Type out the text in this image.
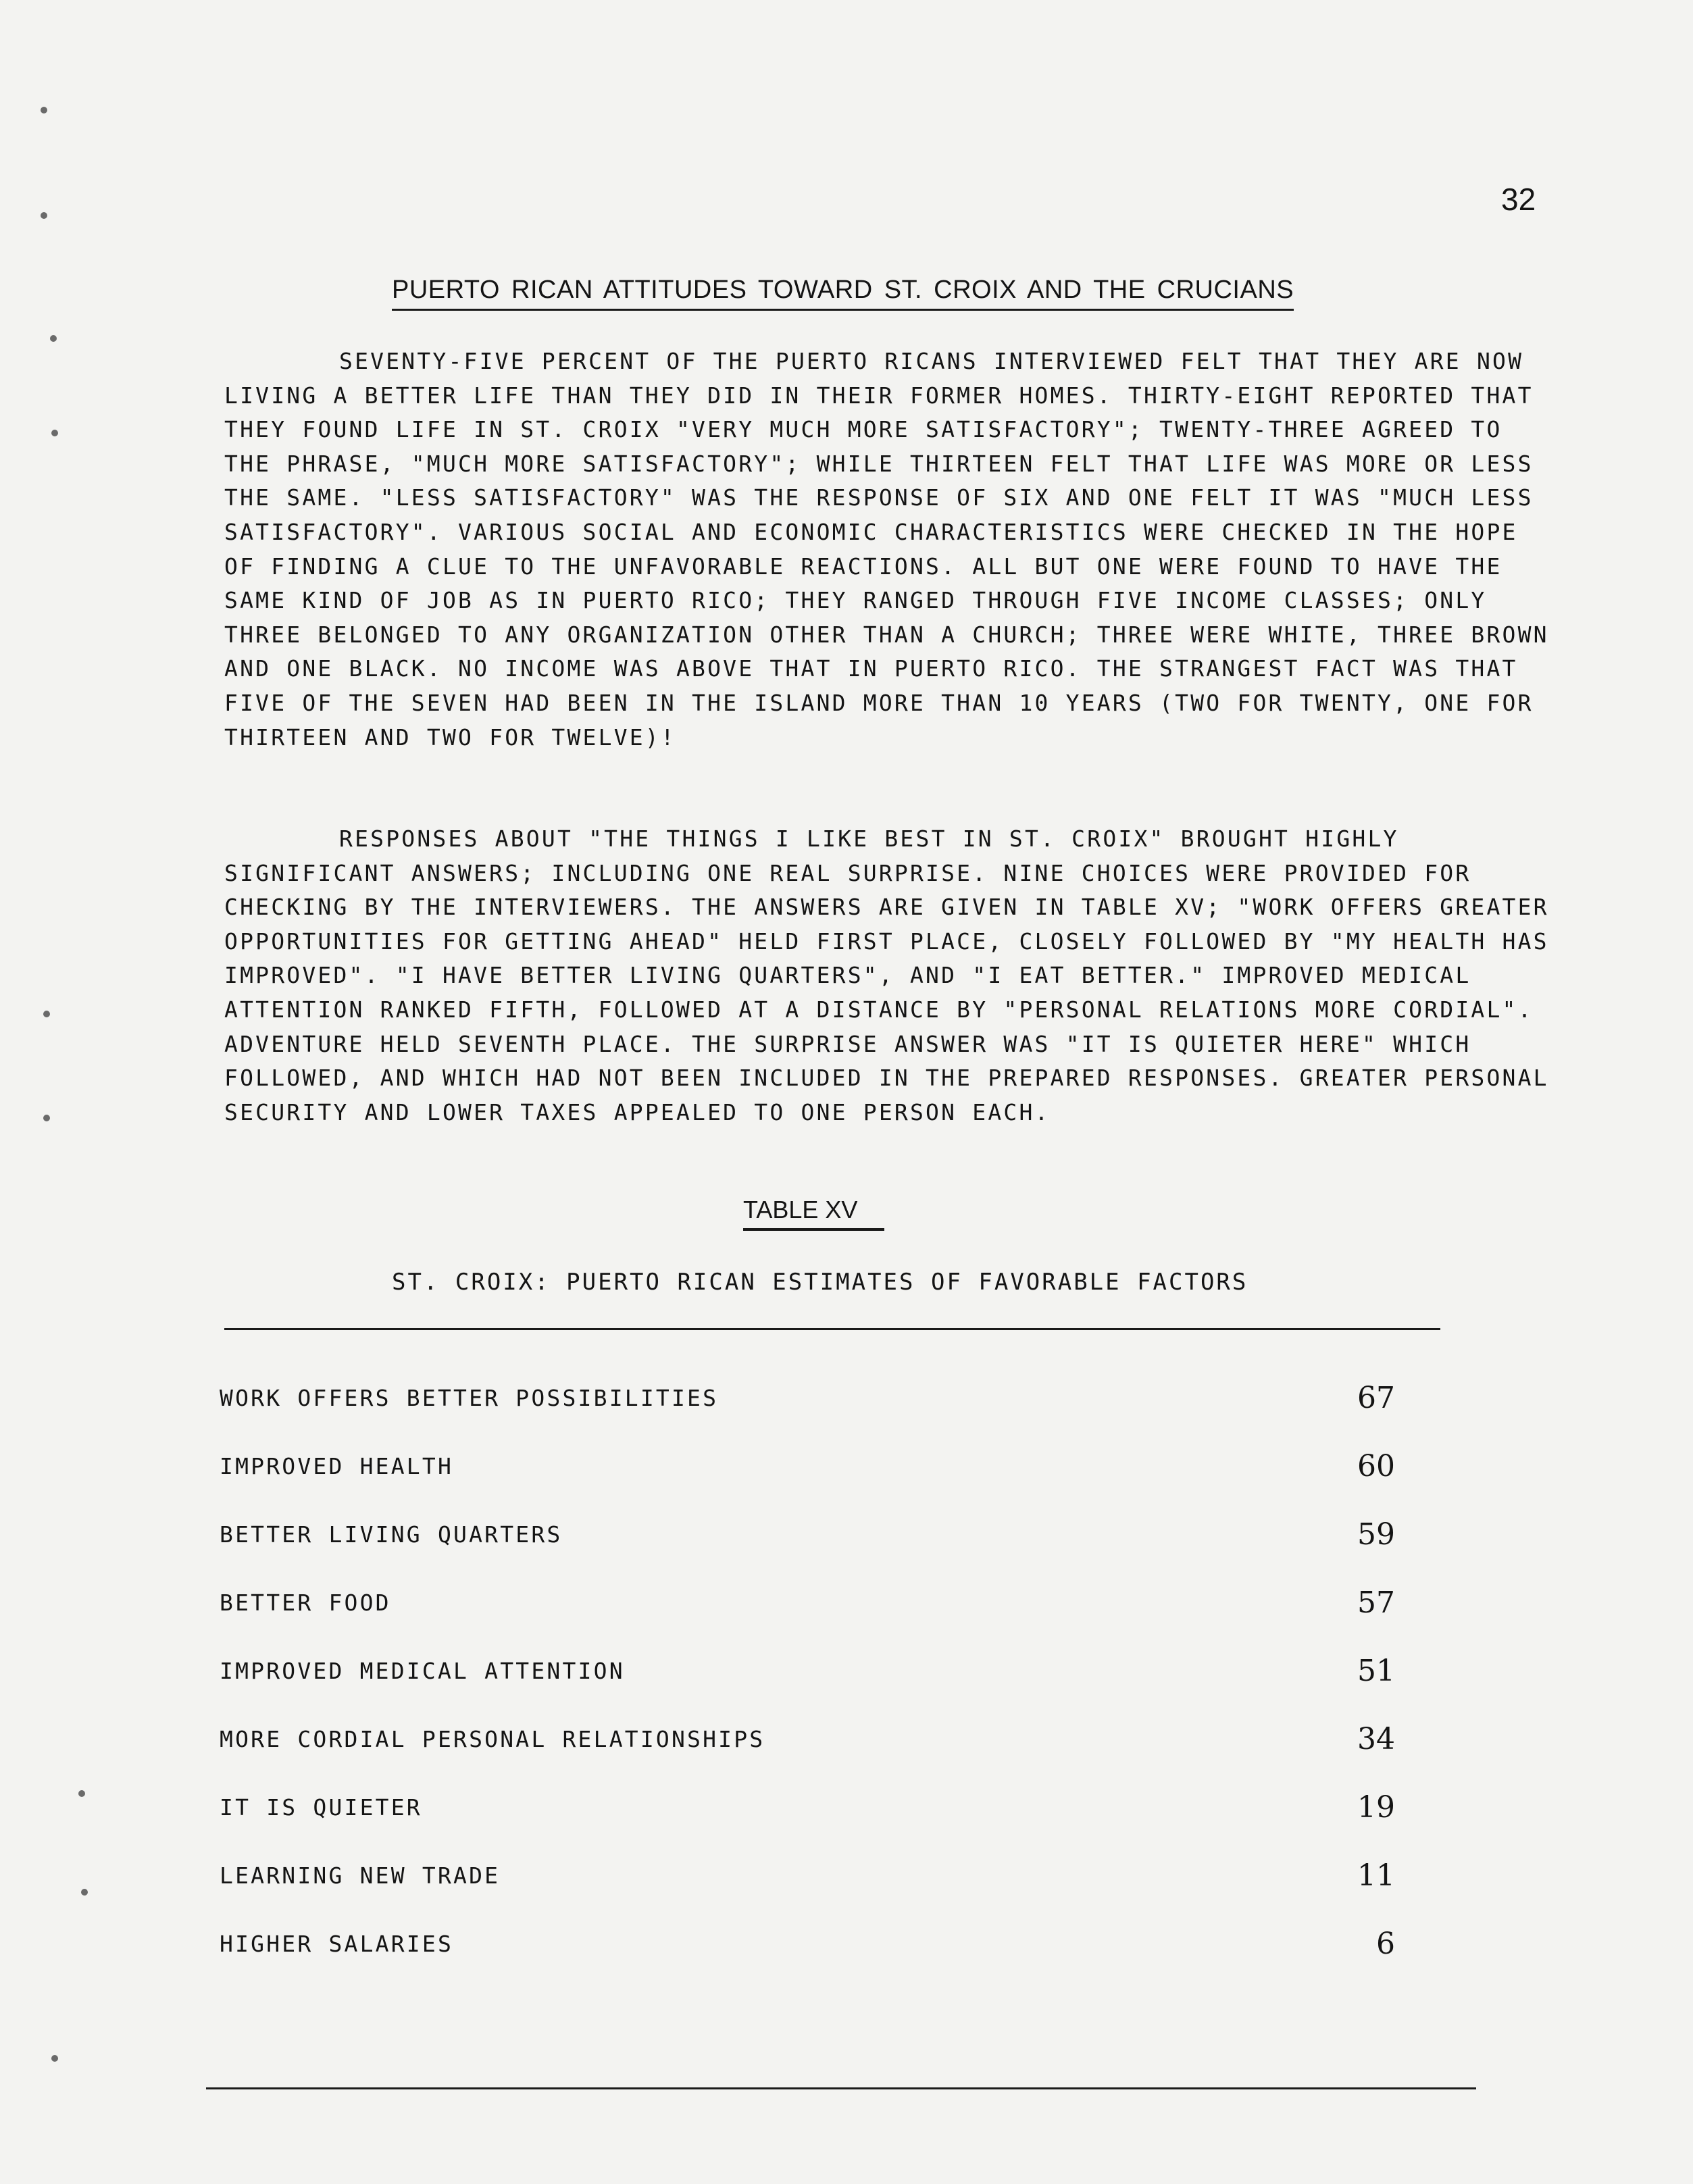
32
PUERTO RICAN ATTITUDES TOWARD ST. CROIX AND THE CRUCIANS

SEVENTY-FIVE PERCENT OF THE PUERTO RICANS INTERVIEWED FELT THAT THEY ARE NOW LIVING A BETTER LIFE THAN THEY DID IN THEIR FORMER HOMES. THIRTY-EIGHT REPORTED THAT THEY FOUND LIFE IN ST. CROIX "VERY MUCH MORE SATISFACTORY"; TWENTY-THREE AGREED TO THE PHRASE, "MUCH MORE SATISFACTORY"; WHILE THIRTEEN FELT THAT LIFE WAS MORE OR LESS THE SAME. "LESS SATISFACTORY" WAS THE RESPONSE OF SIX AND ONE FELT IT WAS "MUCH LESS SATISFACTORY". VARIOUS SOCIAL AND ECONOMIC CHARACTERISTICS WERE CHECKED IN THE HOPE OF FINDING A CLUE TO THE UNFAVORABLE REACTIONS. ALL BUT ONE WERE FOUND TO HAVE THE SAME KIND OF JOB AS IN PUERTO RICO; THEY RANGED THROUGH FIVE INCOME CLASSES; ONLY THREE BELONGED TO ANY ORGANIZATION OTHER THAN A CHURCH; THREE WERE WHITE, THREE BROWN AND ONE BLACK. NO INCOME WAS ABOVE THAT IN PUERTO RICO. THE STRANGEST FACT WAS THAT FIVE OF THE SEVEN HAD BEEN IN THE ISLAND MORE THAN 10 YEARS (TWO FOR TWENTY, ONE FOR THIRTEEN AND TWO FOR TWELVE)!

RESPONSES ABOUT "THE THINGS I LIKE BEST IN ST. CROIX" BROUGHT HIGHLY SIGNIFICANT ANSWERS; INCLUDING ONE REAL SURPRISE. NINE CHOICES WERE PROVIDED FOR CHECKING BY THE INTERVIEWERS. THE ANSWERS ARE GIVEN IN TABLE XV; "WORK OFFERS GREATER OPPORTUNITIES FOR GETTING AHEAD" HELD FIRST PLACE, CLOSELY FOLLOWED BY "MY HEALTH HAS IMPROVED". "I HAVE BETTER LIVING QUARTERS", AND "I EAT BETTER." IMPROVED MEDICAL ATTENTION RANKED FIFTH, FOLLOWED AT A DISTANCE BY "PERSONAL RELATIONS MORE CORDIAL". ADVENTURE HELD SEVENTH PLACE. THE SURPRISE ANSWER WAS "IT IS QUIETER HERE" WHICH FOLLOWED, AND WHICH HAD NOT BEEN INCLUDED IN THE PREPARED RESPONSES. GREATER PERSONAL SECURITY AND LOWER TAXES APPEALED TO ONE PERSON EACH.

TABLE XV
ST. CROIX: PUERTO RICAN ESTIMATES OF FAVORABLE FACTORS
WORK OFFERS BETTER POSSIBILITIES	67
IMPROVED HEALTH	60
BETTER LIVING QUARTERS	59
BETTER FOOD	57
IMPROVED MEDICAL ATTENTION	51
MORE CORDIAL PERSONAL RELATIONSHIPS	34
IT IS QUIETER	19
LEARNING NEW TRADE	11
HIGHER SALARIES	6
